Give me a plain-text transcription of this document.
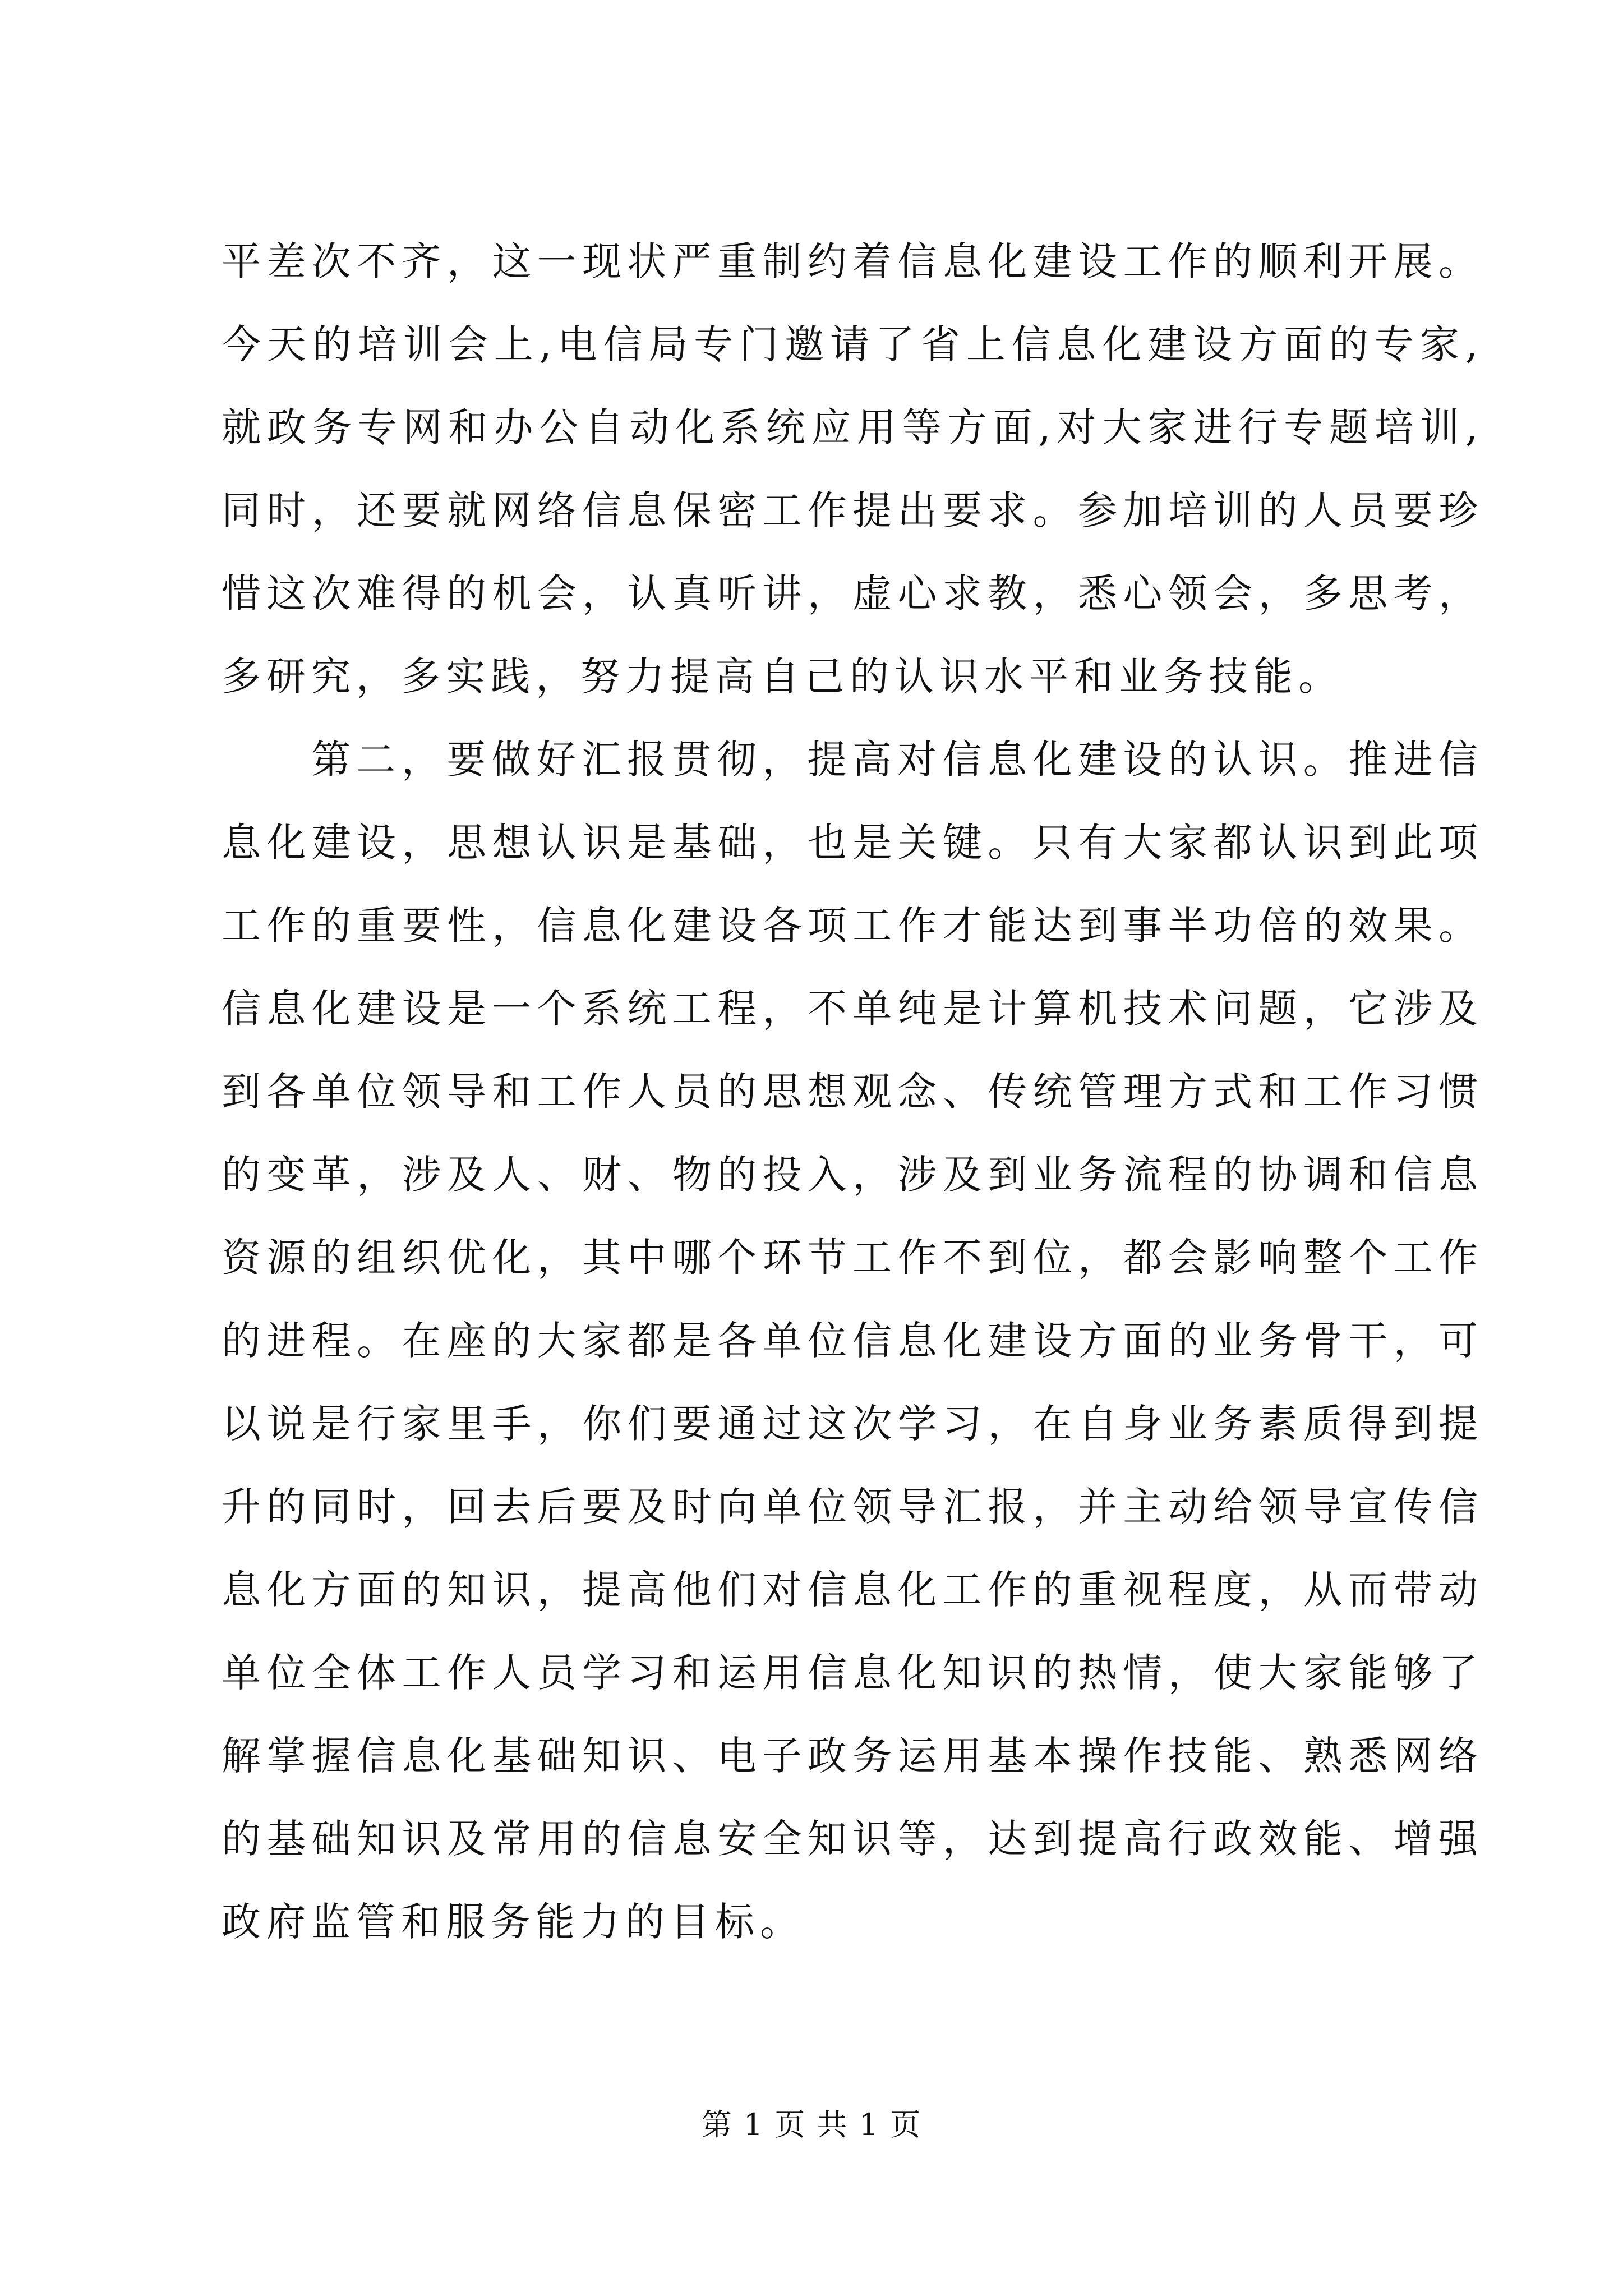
平差次不齐，这一现状严重制约着信息化建设工作的顺利开展。
今天的培训会上,电信局专门邀请了省上信息化建设方面的专家,
就政务专网和办公自动化系统应用等方面,对大家进行专题培训,
同时，还要就网络信息保密工作提出要求。参加培训的人员要珍
惜这次难得的机会，认真听讲，虚心求教，悉心领会，多思考，
多研究，多实践，努力提高自己的认识水平和业务技能。
第二，要做好汇报贯彻，提高对信息化建设的认识。推进信
息化建设，思想认识是基础，也是关键。只有大家都认识到此项
工作的重要性，信息化建设各项工作才能达到事半功倍的效果。
信息化建设是一个系统工程，不单纯是计算机技术问题，它涉及
到各单位领导和工作人员的思想观念、传统管理方式和工作习惯
的变革，涉及人、财、物的投入，涉及到业务流程的协调和信息
资源的组织优化，其中哪个环节工作不到位，都会影响整个工作
的进程。在座的大家都是各单位信息化建设方面的业务骨干，可
以说是行家里手，你们要通过这次学习，在自身业务素质得到提
升的同时，回去后要及时向单位领导汇报，并主动给领导宣传信
息化方面的知识，提高他们对信息化工作的重视程度，从而带动
单位全体工作人员学习和运用信息化知识的热情，使大家能够了
解掌握信息化基础知识、电子政务运用基本操作技能、熟悉网络
的基础知识及常用的信息安全知识等，达到提高行政效能、增强
政府监管和服务能力的目标。
第 1 页 共 1 页
